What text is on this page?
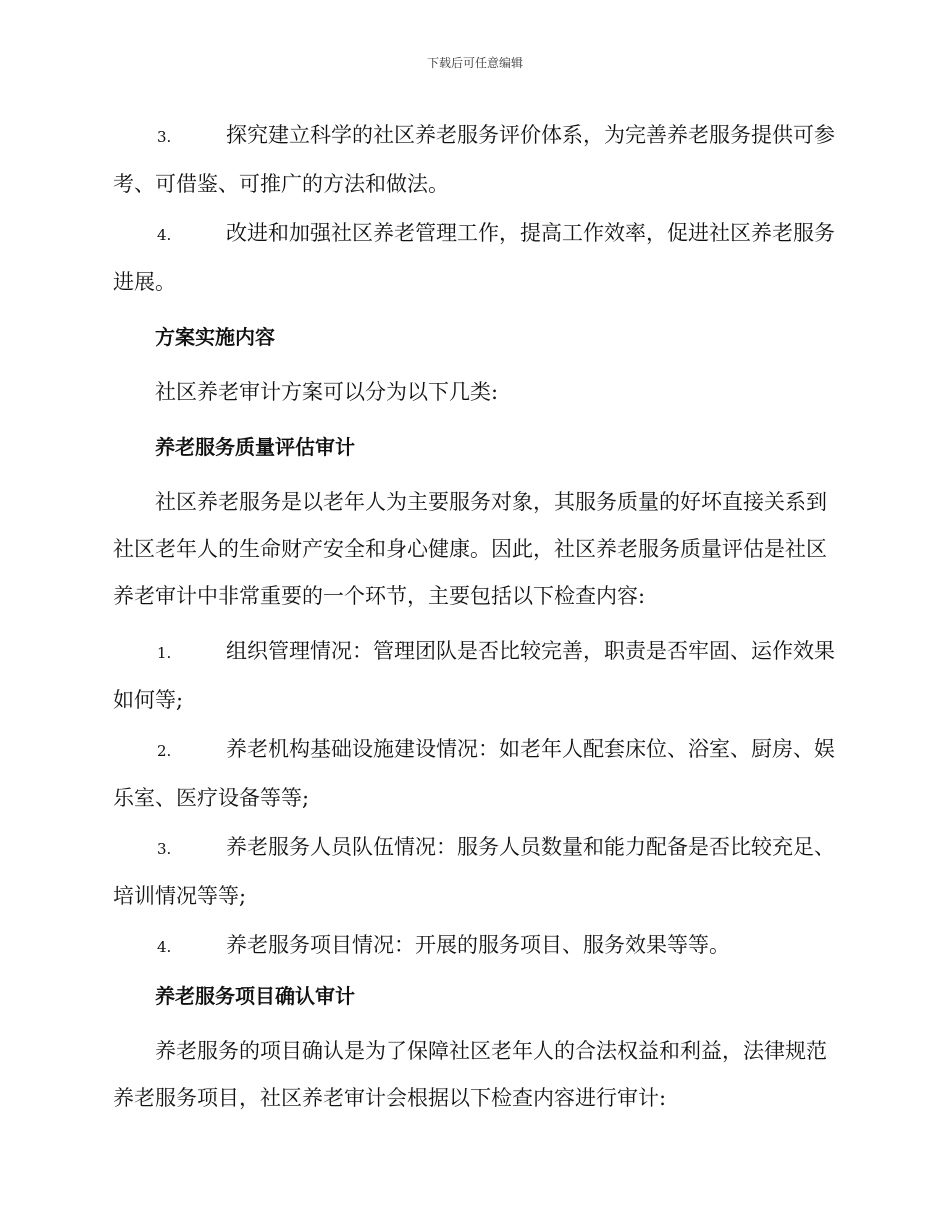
下载后可任意编辑

3.	探究建立科学的社区养老服务评价体系，为完善养老服务提供可参考、可借鉴、可推广的方法和做法。

4.	改进和加强社区养老管理工作，提高工作效率，促进社区养老服务进展。

方案实施内容

社区养老审计方案可以分为以下几类:

养老服务质量评估审计

社区养老服务是以老年人为主要服务对象，其服务质量的好坏直接关系到社区老年人的生命财产安全和身心健康。因此，社区养老服务质量评估是社区养老审计中非常重要的一个环节，主要包括以下检查内容:

1.	组织管理情况：管理团队是否比较完善，职责是否牢固、运作效果如何等;

2.	养老机构基础设施建设情况：如老年人配套床位、浴室、厨房、娱乐室、医疗设备等等;

3.	养老服务人员队伍情况：服务人员数量和能力配备是否比较充足、培训情况等等;

4.	养老服务项目情况：开展的服务项目、服务效果等等。

养老服务项目确认审计

养老服务的项目确认是为了保障社区老年人的合法权益和利益，法律规范养老服务项目，社区养老审计会根据以下检查内容进行审计:
